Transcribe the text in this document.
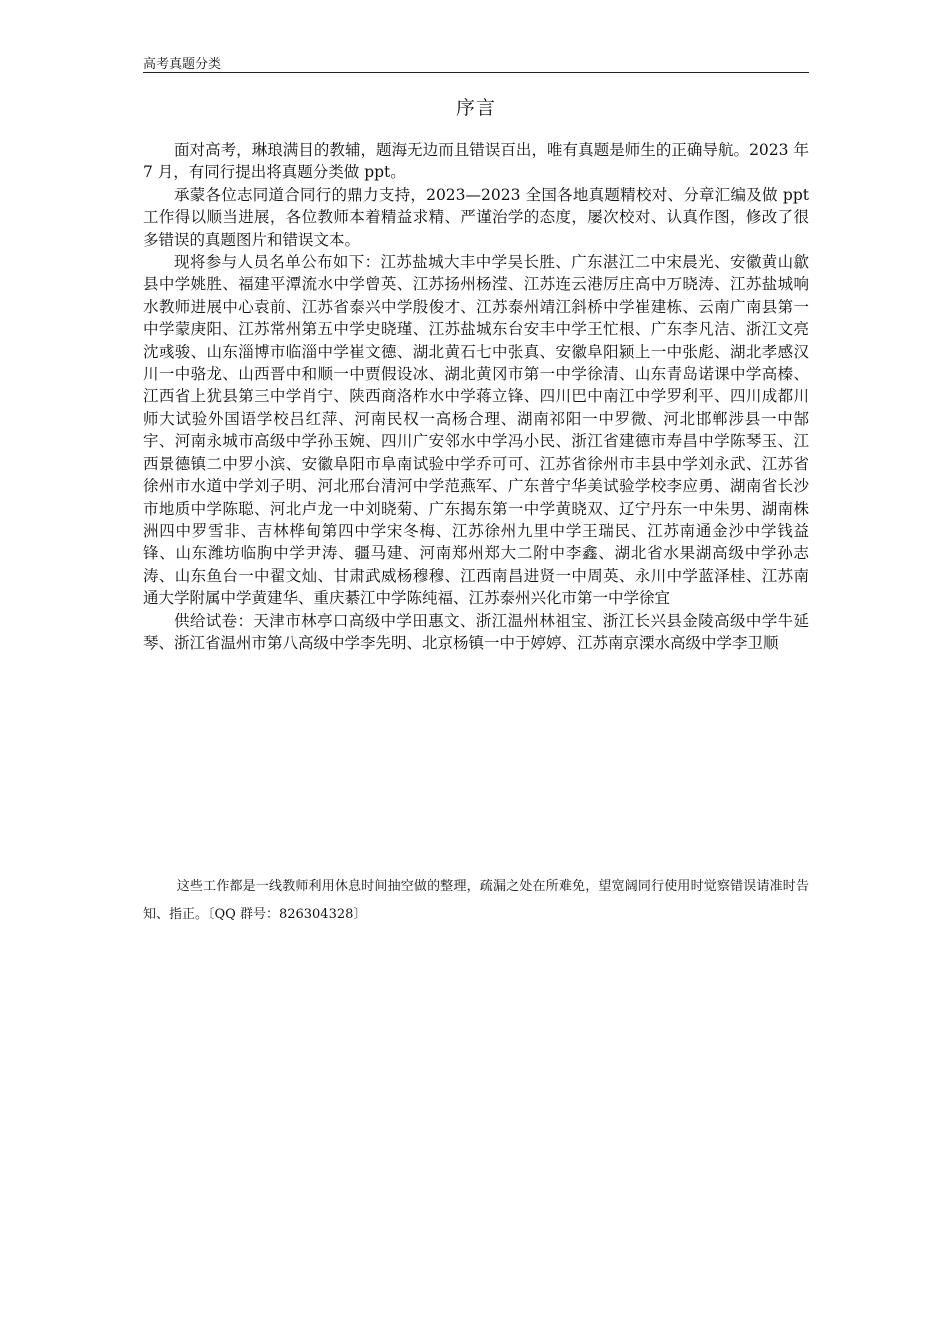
高考真题分类
序言

面对高考，琳琅满目的教辅，题海无边而且错误百出，唯有真题是师生的正确导航。2023 年 7 月，有同行提出将真题分类做 ppt。

承蒙各位志同道合同行的鼎力支持，2023—2023 全国各地真题精校对、分章汇编及做 ppt 工作得以顺当进展，各位教师本着精益求精、严谨治学的态度，屡次校对、认真作图，修改了很多错误的真题图片和错误文本。

现将参与人员名单公布如下：江苏盐城大丰中学吴长胜、广东湛江二中宋晨光、安徽黄山歙县中学姚胜、福建平潭流水中学曾英、江苏扬州杨滢、江苏连云港厉庄高中万晓涛、江苏盐城响水教师进展中心袁前、江苏省泰兴中学殷俊才、江苏泰州靖江斜桥中学崔建栋、云南广南县第一中学蒙庚阳、江苏常州第五中学史晓瑾、江苏盐城东台安丰中学王忙根、广东李凡洁、浙江文亮沈彧骏、山东淄博市临淄中学崔文德、湖北黄石七中张真、安徽阜阳颍上一中张彪、湖北孝感汉川一中骆龙、山西晋中和顺一中贾假设冰、湖北黄冈市第一中学徐清、山东青岛诺课中学高榛、江西省上犹县第三中学肖宁、陕西商洛柞水中学蒋立锋、四川巴中南江中学罗利平、四川成都川师大试验外国语学校吕红萍、河南民权一高杨合理、湖南祁阳一中罗微、河北邯郸涉县一中郜宇、河南永城市高级中学孙玉婉、四川广安邻水中学冯小民、浙江省建德市寿昌中学陈琴玉、江西景德镇二中罗小滨、安徽阜阳市阜南试验中学乔可可、江苏省徐州市丰县中学刘永武、江苏省徐州市水道中学刘子明、河北邢台清河中学范燕军、广东普宁华美试验学校李应勇、湖南省长沙市地质中学陈聪、河北卢龙一中刘晓菊、广东揭东第一中学黄晓双、辽宁丹东一中朱男、湖南株洲四中罗雪非、吉林桦甸第四中学宋冬梅、江苏徐州九里中学王瑞民、江苏南通金沙中学钱益锋、山东潍坊临朐中学尹涛、疆马建、河南郑州郑大二附中李鑫、湖北省水果湖高级中学孙志涛、山东鱼台一中翟文灿、甘肃武威杨穆穆、江西南昌进贤一中周英、永川中学蓝泽桂、江苏南通大学附属中学黄建华、重庆綦江中学陈纯福、江苏泰州兴化市第一中学徐宜

供给试卷：天津市林亭口高级中学田惠文、浙江温州林祖宝、浙江长兴县金陵高级中学牛延琴、浙江省温州市第八高级中学李先明、北京杨镇一中于婷婷、江苏南京溧水高级中学李卫顺

这些工作都是一线教师利用休息时间抽空做的整理，疏漏之处在所难免，望宽阔同行使用时觉察错误请准时告知、指正。〔QQ 群号：826304328〕
